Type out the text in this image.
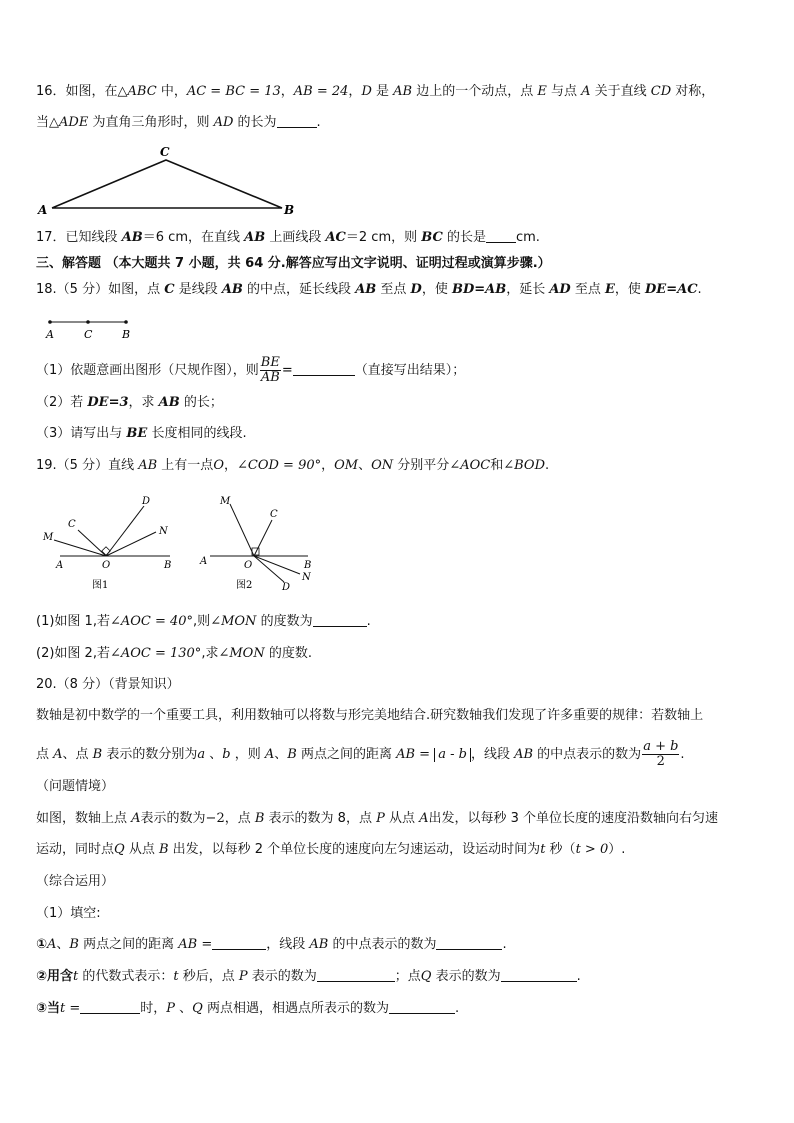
16．如图，在△ABC 中，AC = BC = 13，AB = 24，D 是 AB 边上的一个动点，点 E 与点 A 关于直线 CD 对称，
当△ADE 为直角三角形时，则 AD 的长为	.
C
A	B
17．已知线段 AB＝6 cm，在直线 AB 上画线段 AC＝2 cm，则 BC 的长是 cm.
三、解答题 （本大题共 7 小题，共 64 分.解答应写出文字说明、证明过程或演算步骤.）
18.（5 分）如图，点 C 是线段 AB 的中点，延长线段 AB 至点 D，使 BD=AB，延长 AD 至点 E，使 DE=AC.
A	C	B
（1）依题意画出图形（尺规作图），则 $\frac{BE}{AB}$ =	（直接写出结果）；
（2）若 DE=3，求 AB 的长；
（3）请写出与 BE 长度相同的线段.
19.（5 分）直线 AB 上有一点O，∠COD = 90°，OM、ON 分别平分∠AOC和∠BOD.
D
C
M
N
A	O	B
图1
M
C
A	O	B
N
D
图2
(1)如图 1,若∠AOC = 40°,则∠MON 的度数为	.
(2)如图 2,若∠AOC = 130°,求∠MON 的度数.
20.（8 分）（背景知识）
数轴是初中数学的一个重要工具，利用数轴可以将数与形完美地结合.研究数轴我们发现了许多重要的规律：若数轴上
点 A、点 B 表示的数分别为a 、b ，则 A、B 两点之间的距离 AB = a - b ，线段 AB 的中点表示的数为 $\frac{a + b}{2}$ .
（问题情境）
如图，数轴上点 A表示的数为−2，点 B 表示的数为 8，点 P 从点 A出发，以每秒 3 个单位长度的速度沿数轴向右匀速
运动，同时点Q 从点 B 出发，以每秒 2 个单位长度的速度向左匀速运动，设运动时间为t 秒（t > 0）.
（综合运用）
（1）填空:
①A、B 两点之间的距离 AB =	，线段 AB 的中点表示的数为	.
②用含t 的代数式表示：t 秒后，点 P 表示的数为	；点Q 表示的数为	.
③当t =	时，P 、Q 两点相遇，相遇点所表示的数为	.
